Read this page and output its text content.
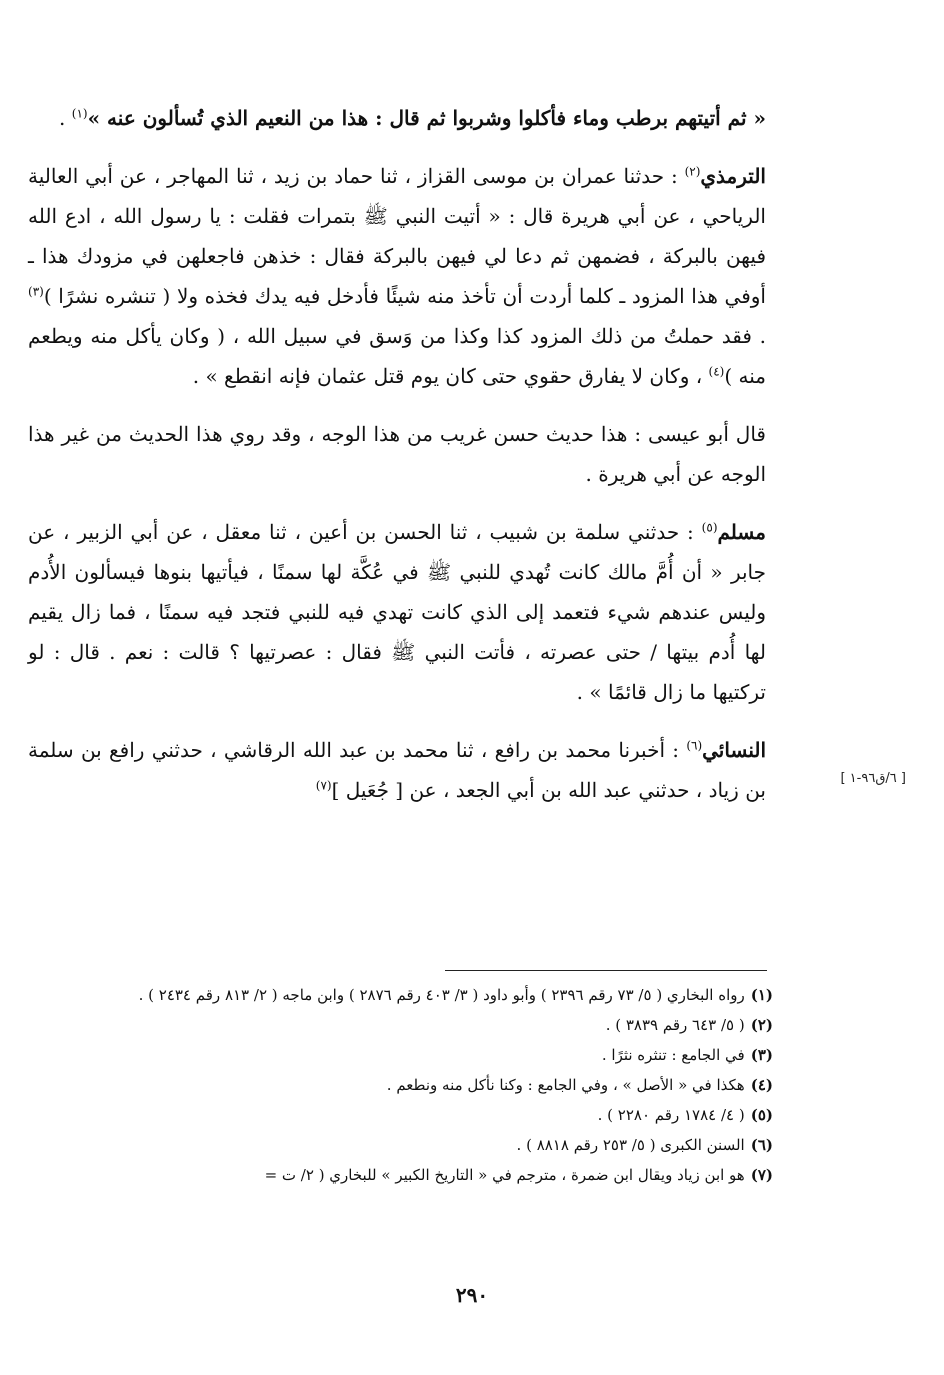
« ثم أتيتهم برطب وماء فأكلوا وشربوا ثم قال : هذا من النعيم الذي تُسألون عنه »$^{(١)}$ .

الترمذي$^{(٢)}$ : حدثنا عمران بن موسى القزاز ، ثنا حماد بن زيد ، ثنا المهاجر ، عن أبي العالية الرياحي ، عن أبي هريرة قال : « أتيت النبي ﷺ بتمرات فقلت : يا رسول الله ، ادع الله فيهن بالبركة ، فضمهن ثم دعا لي فيهن بالبركة فقال : خذهن فاجعلهن في مزودك هذا ـ أوفي هذا المزود ـ كلما أردت أن تأخذ منه شيئًا فأدخل فيه يدك فخذه ولا ( تنشره نشرًا )$^{(٣)}$ . فقد حملتُ من ذلك المزود كذا وكذا من وَسق في سبيل الله ، ( وكان يأكل منه ويطعم منه )$^{(٤)}$ ، وكان لا يفارق حقوي حتى كان يوم قتل عثمان فإنه انقطع » .

قال أبو عيسى : هذا حديث حسن غريب من هذا الوجه ، وقد روي هذا الحديث من غير هذا الوجه عن أبي هريرة .

مسلم$^{(٥)}$ : حدثني سلمة بن شبيب ، ثنا الحسن بن أعين ، ثنا معقل ، عن أبي الزبير ، عن جابر « أن أُمَّ مالك كانت تُهدي للنبي ﷺ في عُكَّة لها سمنًا ، فيأتيها بنوها فيسألون الأُدم وليس عندهم شيء فتعمد إلى الذي كانت تهدي فيه للنبي فتجد فيه سمنًا ، فما زال يقيم لها أُدم بيتها / حتى عصرته ، فأتت النبي ﷺ فقال : عصرتيها ؟ قالت : نعم . قال : لو تركتيها ما زال قائمًا » .

النسائي$^{(٦)}$ : أخبرنا محمد بن رافع ، ثنا محمد بن عبد الله الرقاشي ، حدثني رافع بن سلمة بن زياد ، حدثني عبد الله بن أبي الجعد ، عن [ جُعَيل ]$^{(٧)}$	[ ٦/ق٩٦-١ ]

(١)رواه البخاري ( ٥/ ٧٣ رقم ٢٣٩٦ ) وأبو داود ( ٣/ ٤٠٣ رقم ٢٨٧٦ ) وابن ماجه ( ٢/ ٨١٣ رقم ٢٤٣٤ ) .

(٢)( ٥/ ٦٤٣ رقم ٣٨٣٩ ) .

(٣)في الجامع : تنثره نثرًا .

(٤)هكذا في « الأصل » ، وفي الجامع : وكنا نأكل منه ونطعم .

(٥)( ٤/ ١٧٨٤ رقم ٢٢٨٠ ) .

(٦)السنن الكبرى ( ٥/ ٢٥٣ رقم ٨٨١٨ ) .

(٧)هو ابن زياد ويقال ابن ضمرة ، مترجم في « التاريخ الكبير » للبخاري ( ٢/ ت =

٢٩٠
